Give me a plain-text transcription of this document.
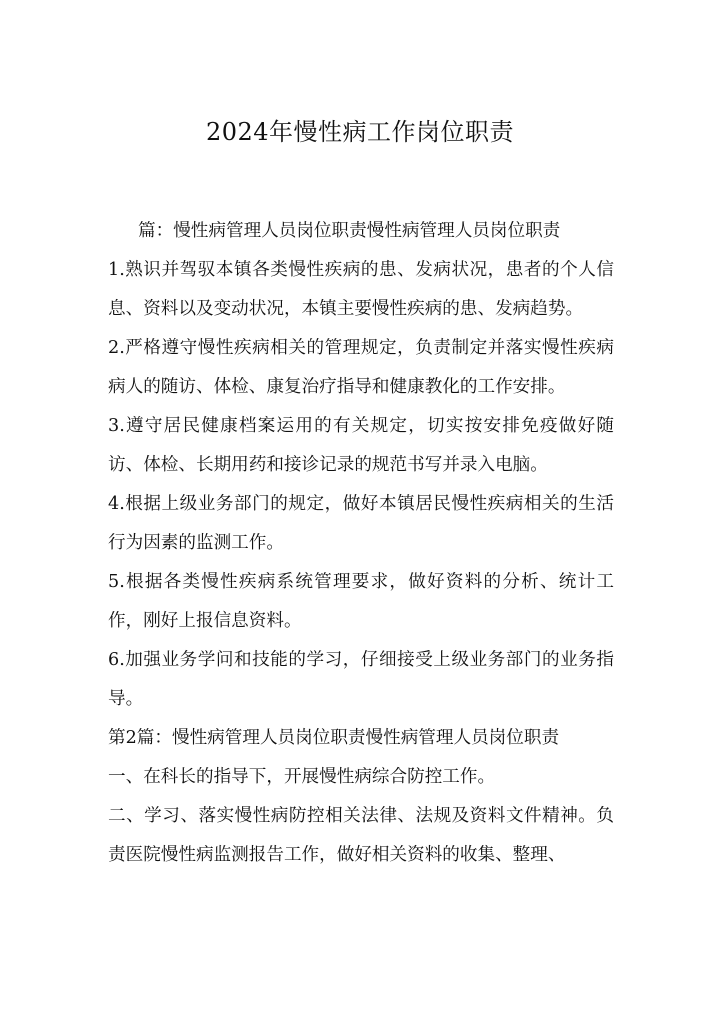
2024年慢性病工作岗位职责

篇：慢性病管理人员岗位职责慢性病管理人员岗位职责

1.熟识并驾驭本镇各类慢性疾病的患、发病状况，患者的个人信息、资料以及变动状况，本镇主要慢性疾病的患、发病趋势。

2.严格遵守慢性疾病相关的管理规定，负责制定并落实慢性疾病病人的随访、体检、康复治疗指导和健康教化的工作安排。

3.遵守居民健康档案运用的有关规定，切实按安排免疫做好随访、体检、长期用药和接诊记录的规范书写并录入电脑。

4.根据上级业务部门的规定，做好本镇居民慢性疾病相关的生活行为因素的监测工作。

5.根据各类慢性疾病系统管理要求，做好资料的分析、统计工作，刚好上报信息资料。

6.加强业务学问和技能的学习，仔细接受上级业务部门的业务指导。

第2篇：慢性病管理人员岗位职责慢性病管理人员岗位职责

一、在科长的指导下，开展慢性病综合防控工作。

二、学习、落实慢性病防控相关法律、法规及资料文件精神。负责医院慢性病监测报告工作，做好相关资料的收集、整理、
